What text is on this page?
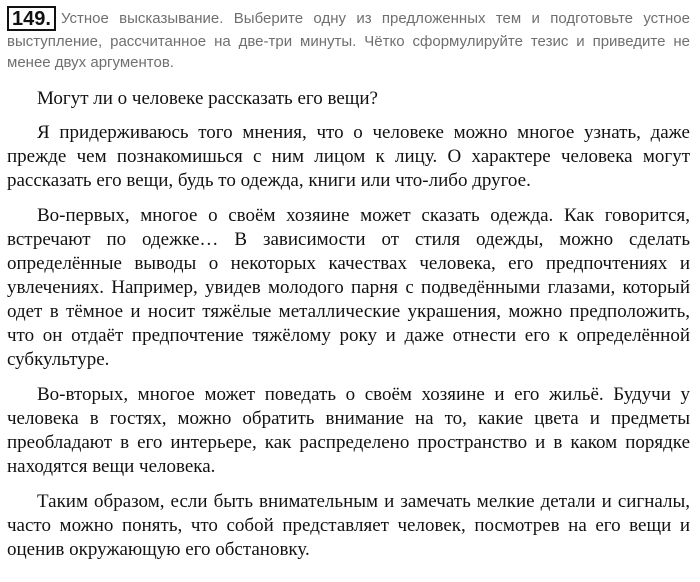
149. Устное высказывание. Выберите одну из предложенных тем и подготовьте устное выступление, рассчитанное на две-три минуты. Чётко сформулируйте тезис и приведите не менее двух аргументов.

Могут ли о человеке рассказать его вещи?

Я придерживаюсь того мнения, что о человеке можно многое узнать, даже прежде чем познакомишься с ним лицом к лицу. О характере человека могут рассказать его вещи, будь то одежда, книги или что-либо другое.

Во-первых, многое о своём хозяине может сказать одежда. Как говорится, встречают по одежке… В зависимости от стиля одежды, можно сделать определённые выводы о некоторых качествах человека, его предпочтениях и увлечениях. Например, увидев молодого парня с подведёнными глазами, который одет в тёмное и носит тяжёлые металлические украшения, можно предположить, что он отдаёт предпочтение тяжёлому року и даже отнести его к определённой субкультуре.

Во-вторых, многое может поведать о своём хозяине и его жильё. Будучи у человека в гостях, можно обратить внимание на то, какие цвета и предметы преобладают в его интерьере, как распределено пространство и в каком порядке находятся вещи человека.

Таким образом, если быть внимательным и замечать мелкие детали и сигналы, часто можно понять, что собой представляет человек, посмотрев на его вещи и оценив окружающую его обстановку.
